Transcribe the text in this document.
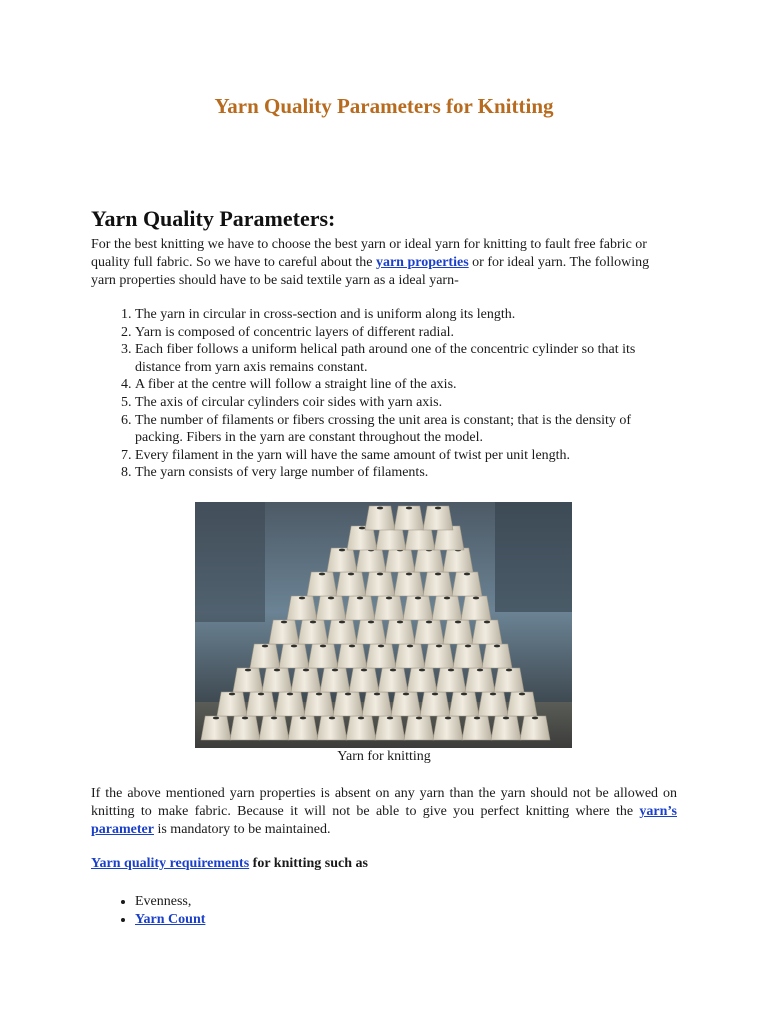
Yarn Quality Parameters for Knitting
Yarn Quality Parameters:

For the best knitting we have to choose the best yarn or ideal yarn for knitting to fault free fabric or quality full fabric. So we have to careful about the yarn properties or for ideal yarn. The following yarn properties should have to be said textile yarn as a ideal yarn-

1. The yarn in circular in cross-section and is uniform along its length.
2. Yarn is composed of concentric layers of different radial.
3. Each fiber follows a uniform helical path around one of the concentric cylinder so that its distance from yarn axis remains constant.
4. A fiber at the centre will follow a straight line of the axis.
5. The axis of circular cylinders coir sides with yarn axis.
6. The number of filaments or fibers crossing the unit area is constant; that is the density of packing. Fibers in the yarn are constant throughout the model.
7. Every filament in the yarn will have the same amount of twist per unit length.
8. The yarn consists of very large number of filaments.

Yarn for knitting

If the above mentioned yarn properties is absent on any yarn than the yarn should not be allowed on knitting to make fabric. Because it will not be able to give you perfect knitting where the yarn’s parameter is mandatory to be maintained.

Yarn quality requirements for knitting such as

• Evenness,
• Yarn Count
